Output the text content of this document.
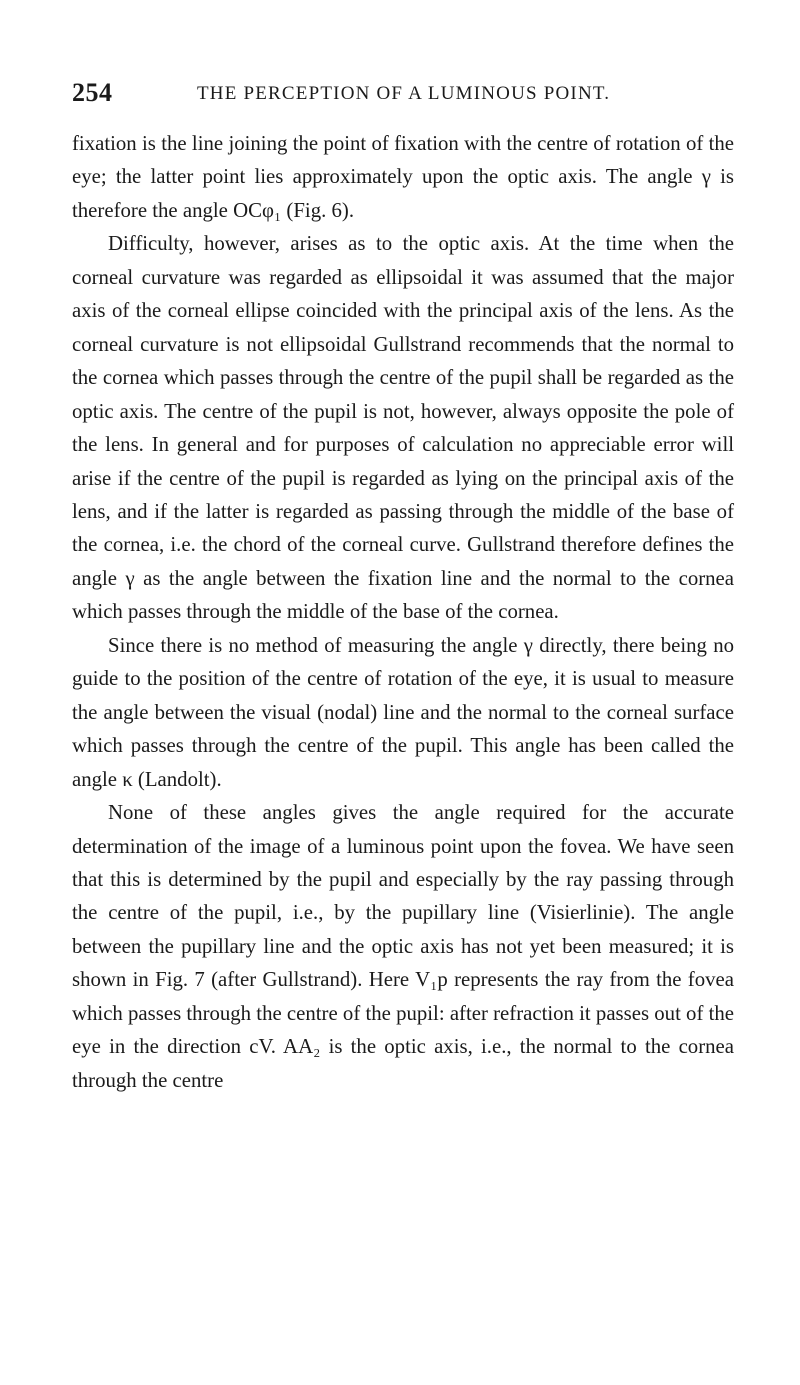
254	THE PERCEPTION OF A LUMINOUS POINT.

fixation is the line joining the point of fixation with the centre of rotation of the eye; the latter point lies approximately upon the optic axis. The angle γ is therefore the angle OCφ₁ (Fig. 6).

Difficulty, however, arises as to the optic axis. At the time when the corneal curvature was regarded as ellipsoidal it was assumed that the major axis of the corneal ellipse coincided with the principal axis of the lens. As the corneal curvature is not ellipsoidal Gullstrand recommends that the normal to the cornea which passes through the centre of the pupil shall be regarded as the optic axis. The centre of the pupil is not, however, always opposite the pole of the lens. In general and for purposes of calculation no appreciable error will arise if the centre of the pupil is regarded as lying on the principal axis of the lens, and if the latter is regarded as passing through the middle of the base of the cornea, i.e. the chord of the corneal curve. Gullstrand therefore defines the angle γ as the angle between the fixation line and the normal to the cornea which passes through the middle of the base of the cornea.

Since there is no method of measuring the angle γ directly, there being no guide to the position of the centre of rotation of the eye, it is usual to measure the angle between the visual (nodal) line and the normal to the corneal surface which passes through the centre of the pupil. This angle has been called the angle κ (Landolt).

None of these angles gives the angle required for the accurate determination of the image of a luminous point upon the fovea. We have seen that this is determined by the pupil and especially by the ray passing through the centre of the pupil, i.e., by the pupillary line (Visierlinie). The angle between the pupillary line and the optic axis has not yet been measured; it is shown in Fig. 7 (after Gullstrand). Here V₁p represents the ray from the fovea which passes through the centre of the pupil: after refraction it passes out of the eye in the direction cV. AA₂ is the optic axis, i.e., the normal to the cornea through the centre
